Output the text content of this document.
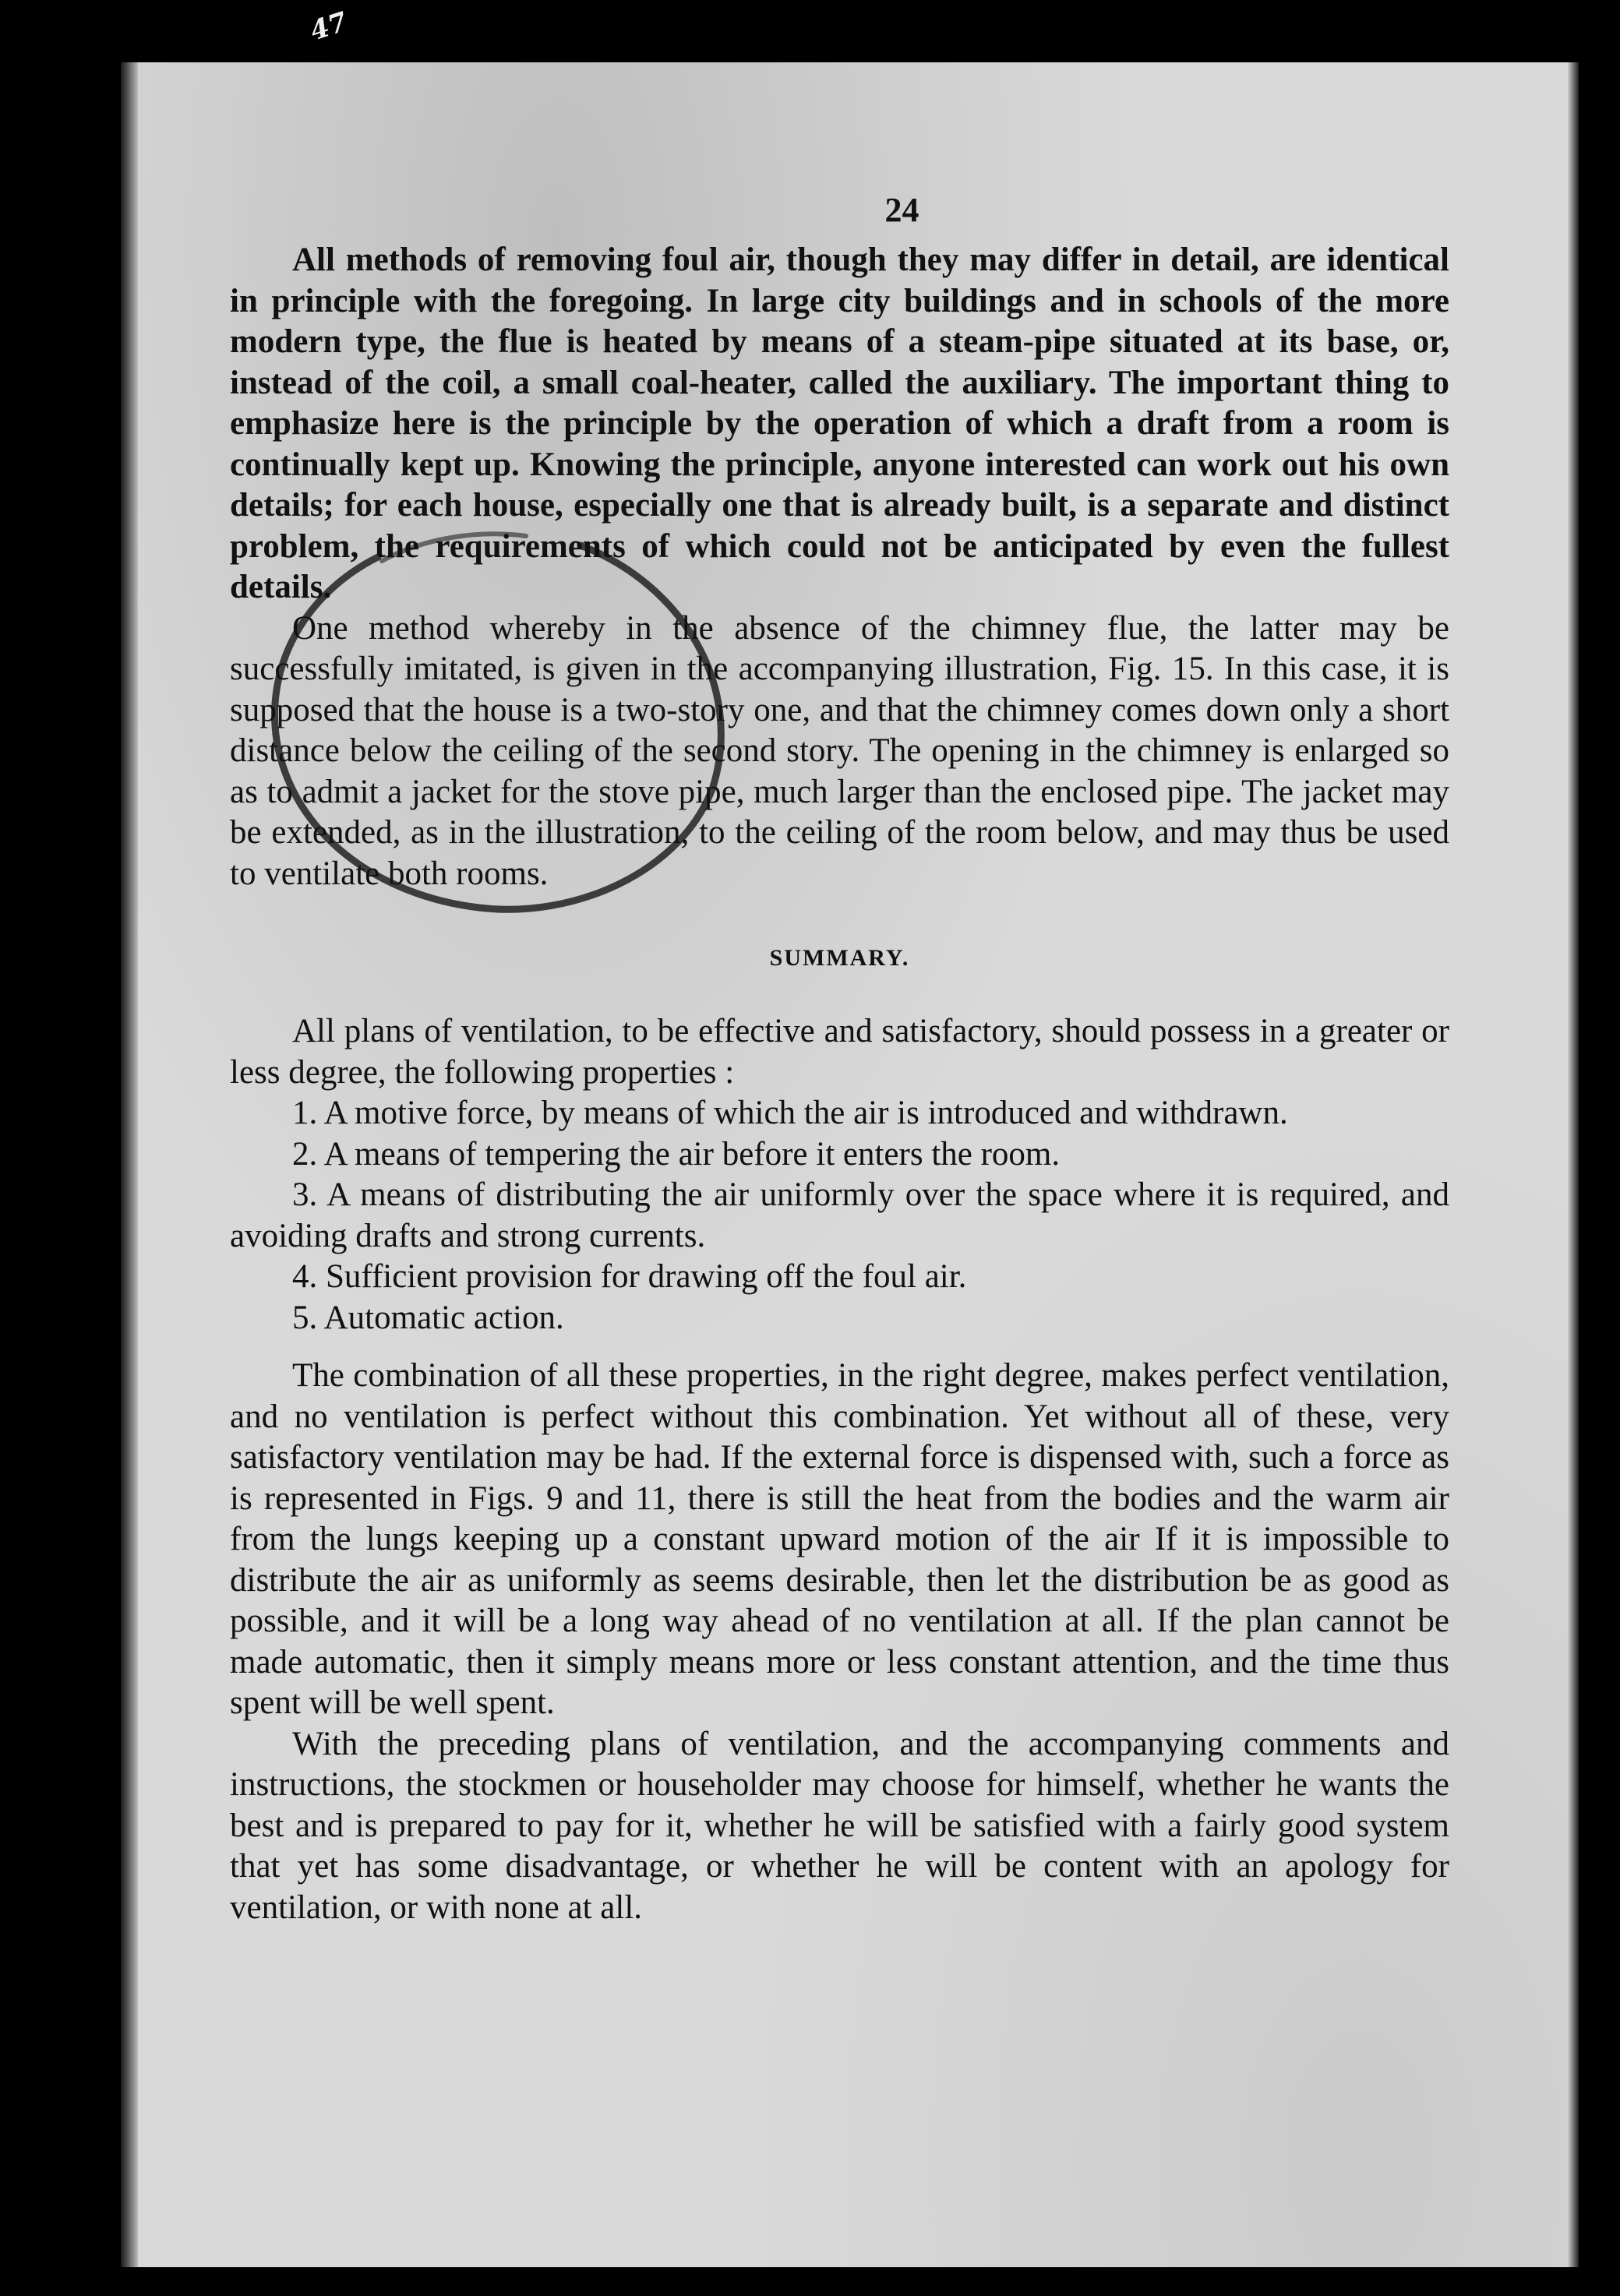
47
24

All methods of removing foul air, though they may differ in detail, are identical in principle with the foregoing. In large city buildings and in schools of the more modern type, the flue is heated by means of a steam-pipe situated at its base, or, instead of the coil, a small coal-heater, called the auxiliary. The important thing to emphasize here is the principle by the operation of which a draft from a room is continually kept up. Knowing the principle, anyone interested can work out his own details; for each house, especially one that is already built, is a separate and distinct problem, the requirements of which could not be anticipated by even the fullest details.

One method whereby in the absence of the chimney flue, the latter may be successfully imitated, is given in the accompanying illustration, Fig. 15. In this case, it is supposed that the house is a two-story one, and that the chimney comes down only a short distance below the ceiling of the second story. The opening in the chimney is enlarged so as to admit a jacket for the stove pipe, much larger than the enclosed pipe. The jacket may be extended, as in the illustration, to the ceiling of the room below, and may thus be used to ventilate both rooms.

SUMMARY.

All plans of ventilation, to be effective and satisfactory, should possess in a greater or less degree, the following properties :

1. A motive force, by means of which the air is introduced and withdrawn.

2. A means of tempering the air before it enters the room.

3. A means of distributing the air uniformly over the space where it is required, and avoiding drafts and strong currents.

4. Sufficient provision for drawing off the foul air.

5. Automatic action.

The combination of all these properties, in the right degree, makes perfect ventilation, and no ventilation is perfect without this combination. Yet without all of these, very satisfactory ventilation may be had. If the external force is dispensed with, such a force as is represented in Figs. 9 and 11, there is still the heat from the bodies and the warm air from the lungs keeping up a constant upward motion of the air If it is impossible to distribute the air as uniformly as seems desirable, then let the distribution be as good as possible, and it will be a long way ahead of no ventilation at all. If the plan cannot be made automatic, then it simply means more or less constant attention, and the time thus spent will be well spent.

With the preceding plans of ventilation, and the accompanying comments and instructions, the stockmen or householder may choose for himself, whether he wants the best and is prepared to pay for it, whether he will be satisfied with a fairly good system that yet has some disadvantage, or whether he will be content with an apology for ventilation, or with none at all.
